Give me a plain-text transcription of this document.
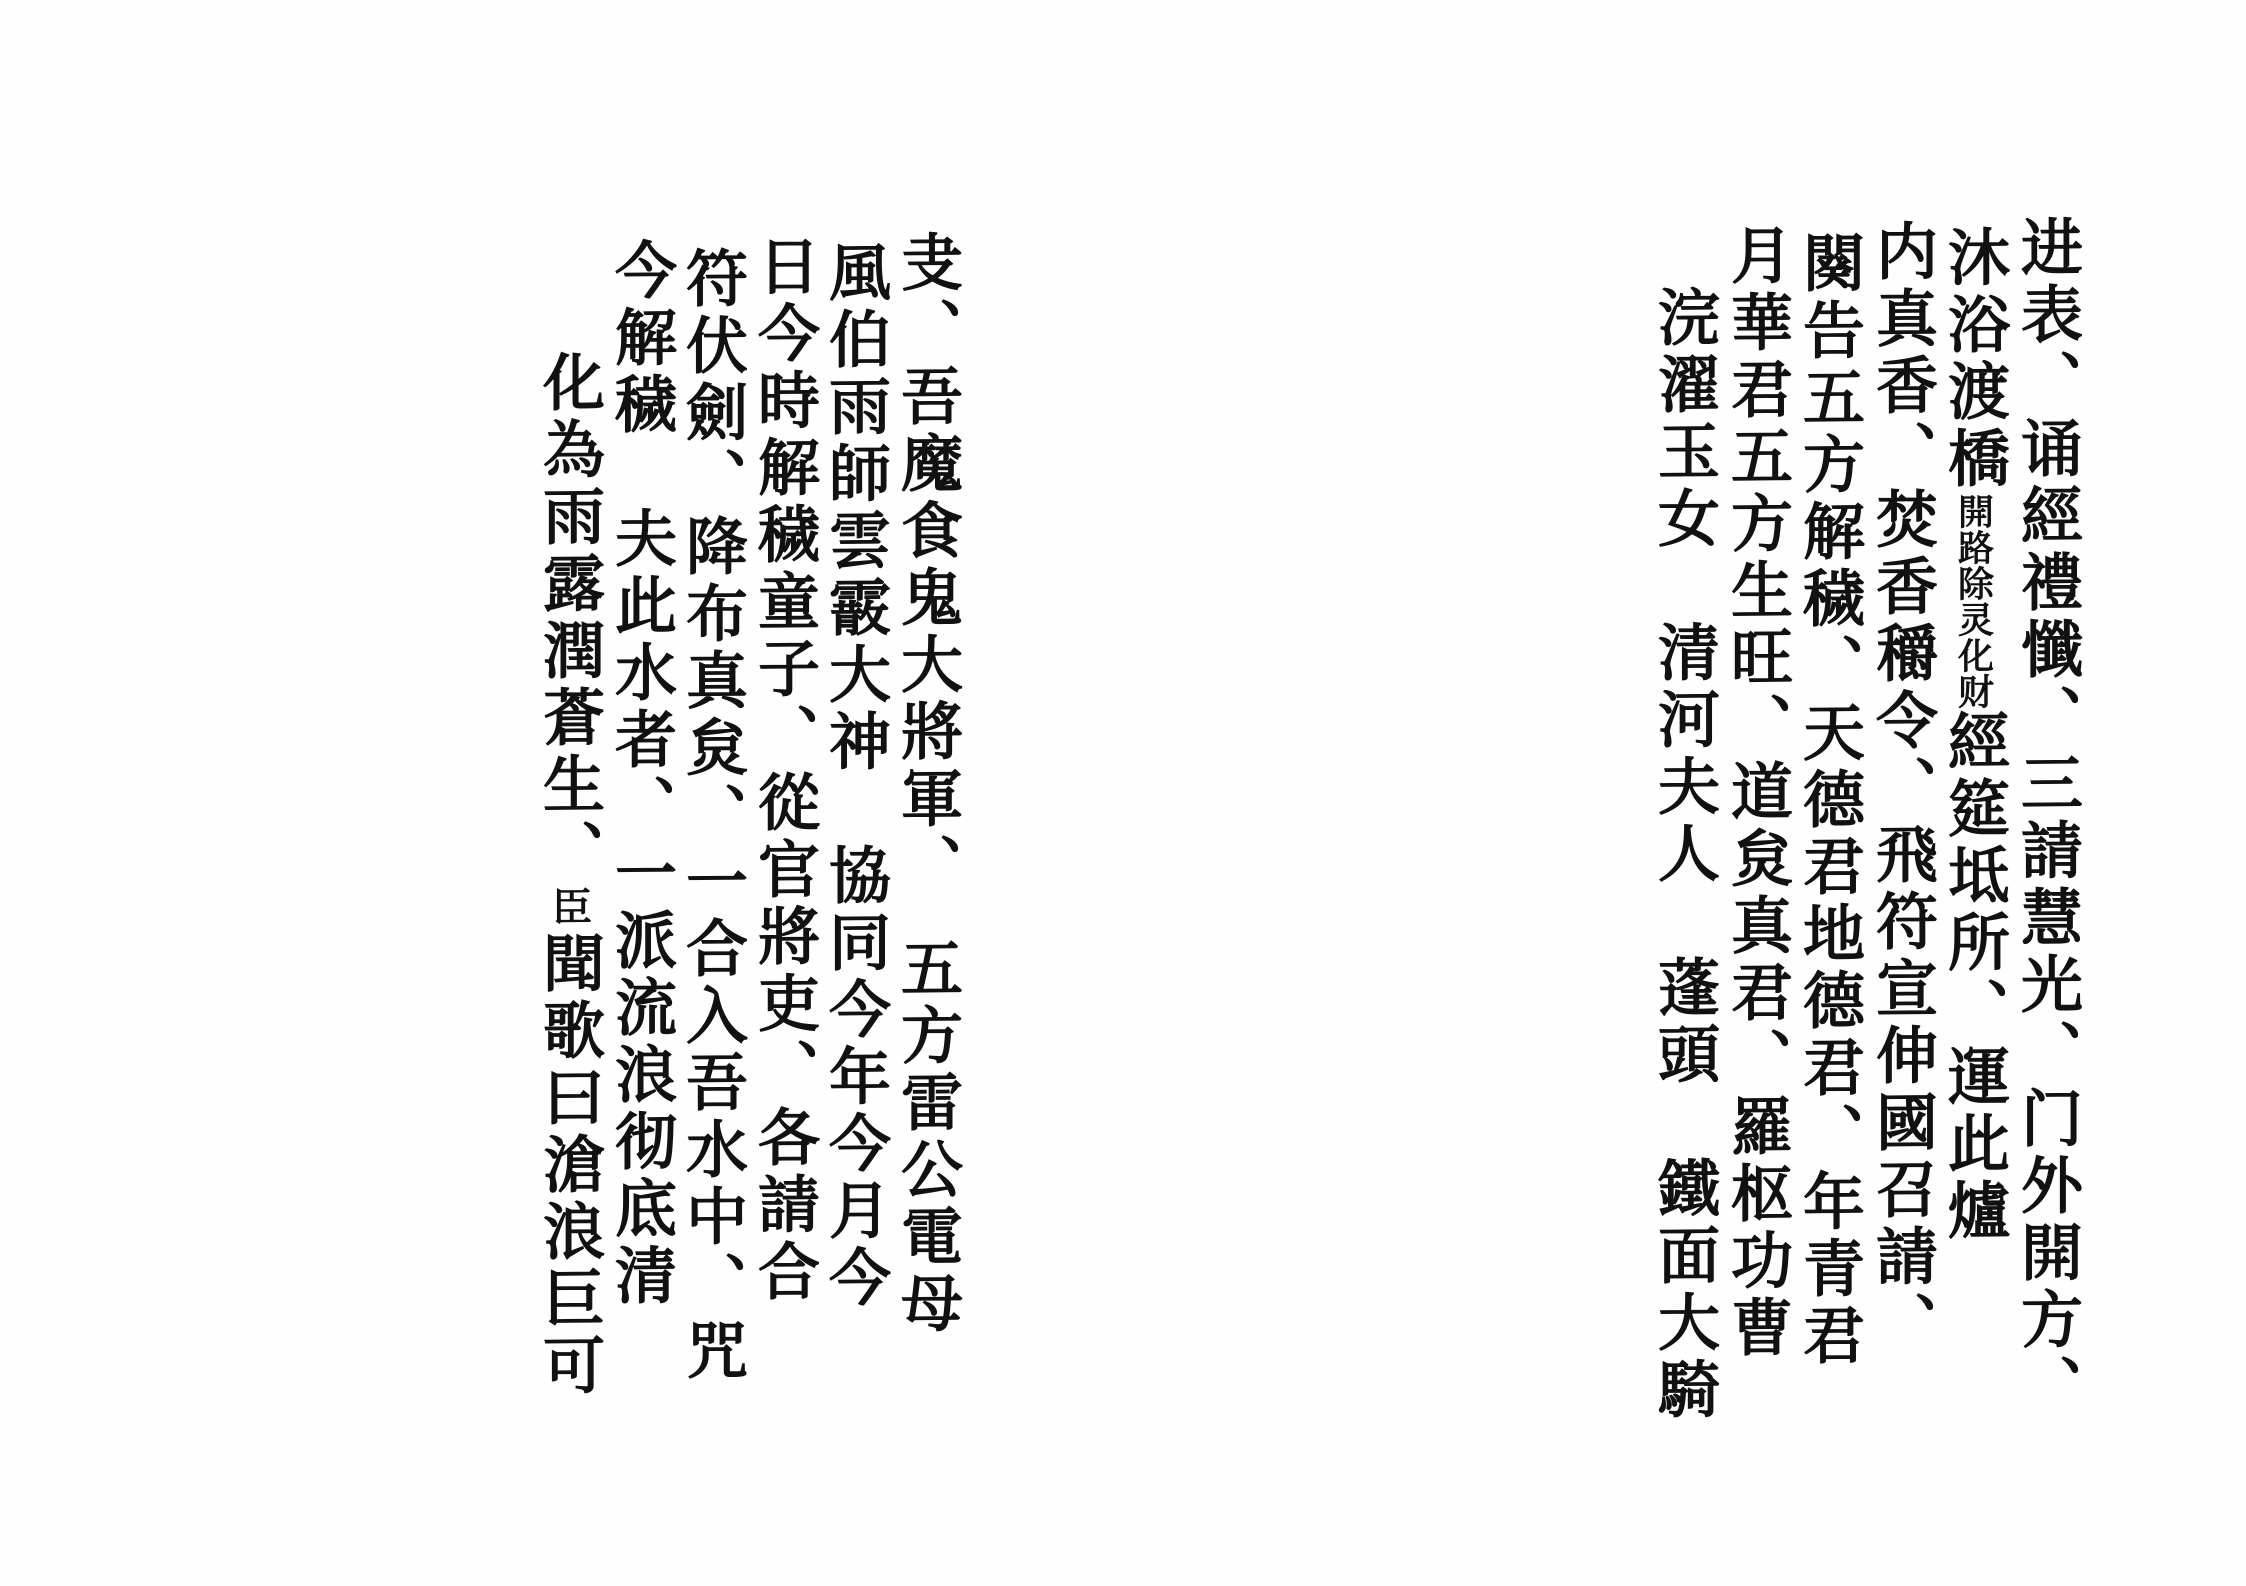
进表、诵經禮懺、三請慧光、门外開方、
沐浴渡橋開路除灵化财經筵坻所、運此爐
内真香、焚香穱令、飛符宣伸國召請、
闋告五方解穢、天德君地德君、年青君
月華君五方生旺、道炱真君、羅枢功曹
浣濯玉女　清河夫人　蓬頭　鐵面大騎
叏、吾魔食鬼大將軍、　五方雷公電母
風伯雨師雲霰大神　協同今年今月今
日今時解穢童子、從官將吏、各請合
符伏劍、降布真炱、一合入吾水中、咒
今解穢　夫此水者、一派流浪彻底清
化為雨露潤蒼生、臣聞歌曰滄浪巨可
